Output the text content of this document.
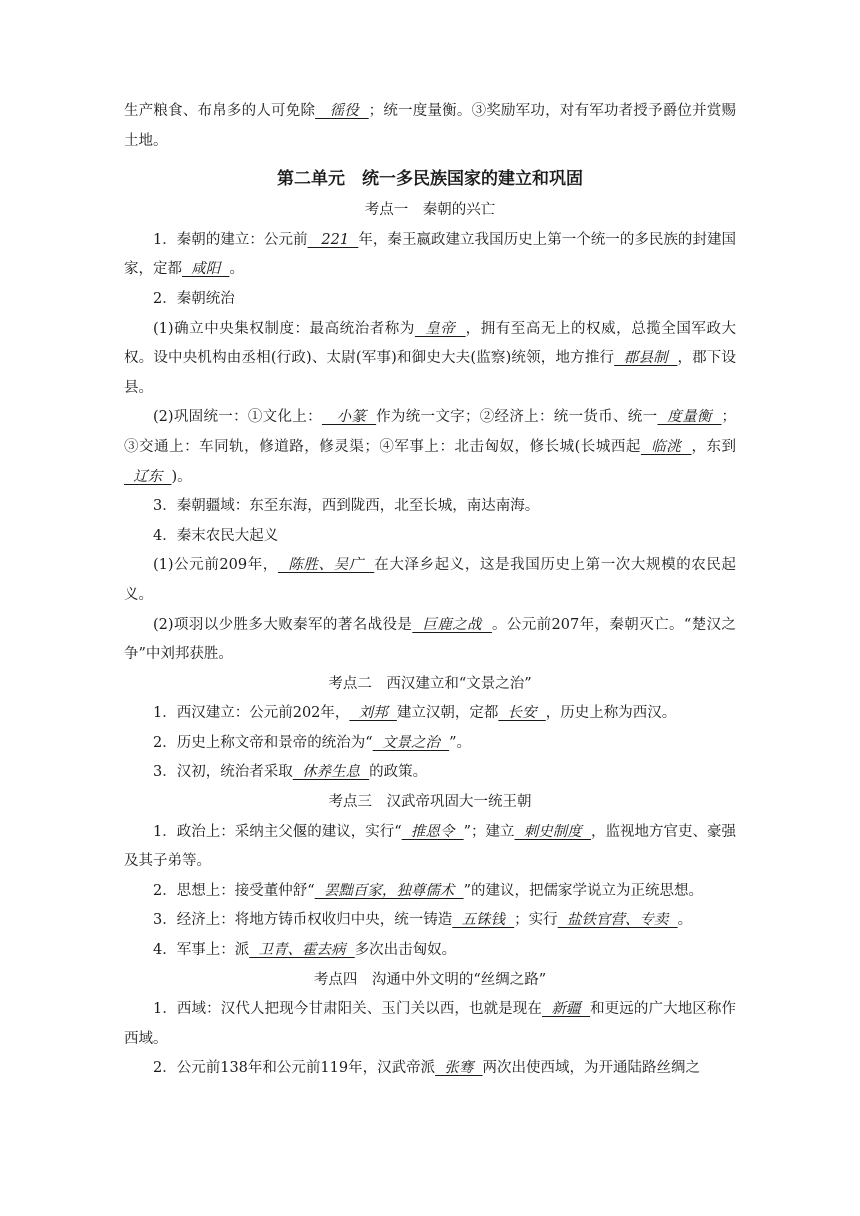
生产粮食、布帛多的人可免除   徭役  ；统一度量衡。③奖励军功，对有军功者授予爵位并赏赐土地。

第二单元　统一多民族国家的建立和巩固

考点一　秦朝的兴亡

1．秦朝的建立：公元前   221  年，秦王嬴政建立我国历史上第一个统一的多民族的封建国家，定都  咸阳  。

2．秦朝统治

(1)确立中央集权制度：最高统治者称为  皇帝  ，拥有至高无上的权威，总揽全国军政大权。设中央机构由丞相(行政)、太尉(军事)和御史大夫(监察)统领，地方推行  郡县制  ，郡下设县。

(2)巩固统一：①文化上：   小篆  作为统一文字；②经济上：统一货币、统一  度量衡  ；③交通上：车同轨，修道路，修灵渠；④军事上：北击匈奴，修长城(长城西起  临洮  ，东到  辽东  )。

3．秦朝疆域：东至东海，西到陇西，北至长城，南达南海。

4．秦末农民大起义

(1)公元前209年，  陈胜、吴广  在大泽乡起义，这是我国历史上第一次大规模的农民起义。

(2)项羽以少胜多大败秦军的著名战役是  巨鹿之战  。公元前207年，秦朝灭亡。“楚汉之争”中刘邦获胜。

考点二　西汉建立和“文景之治”

1．西汉建立：公元前202年，  刘邦  建立汉朝，定都  长安  ，历史上称为西汉。

2．历史上称文帝和景帝的统治为“  文景之治  ”。

3．汉初，统治者采取  休养生息  的政策。

考点三　汉武帝巩固大一统王朝

1．政治上：采纳主父偃的建议，实行“  推恩令  ”；建立  刺史制度  ，监视地方官吏、豪强及其子弟等。

2．思想上：接受董仲舒“  罢黜百家，独尊儒术  ”的建议，把儒家学说立为正统思想。

3．经济上：将地方铸币权收归中央，统一铸造  五铢钱  ；实行  盐铁官营、专卖  。

4．军事上：派  卫青、霍去病  多次出击匈奴。

考点四　沟通中外文明的“丝绸之路”

1．西域：汉代人把现今甘肃阳关、玉门关以西，也就是现在  新疆  和更远的广大地区称作西域。

2．公元前138年和公元前119年，汉武帝派  张骞  两次出使西域，为开通陆路丝绸之
